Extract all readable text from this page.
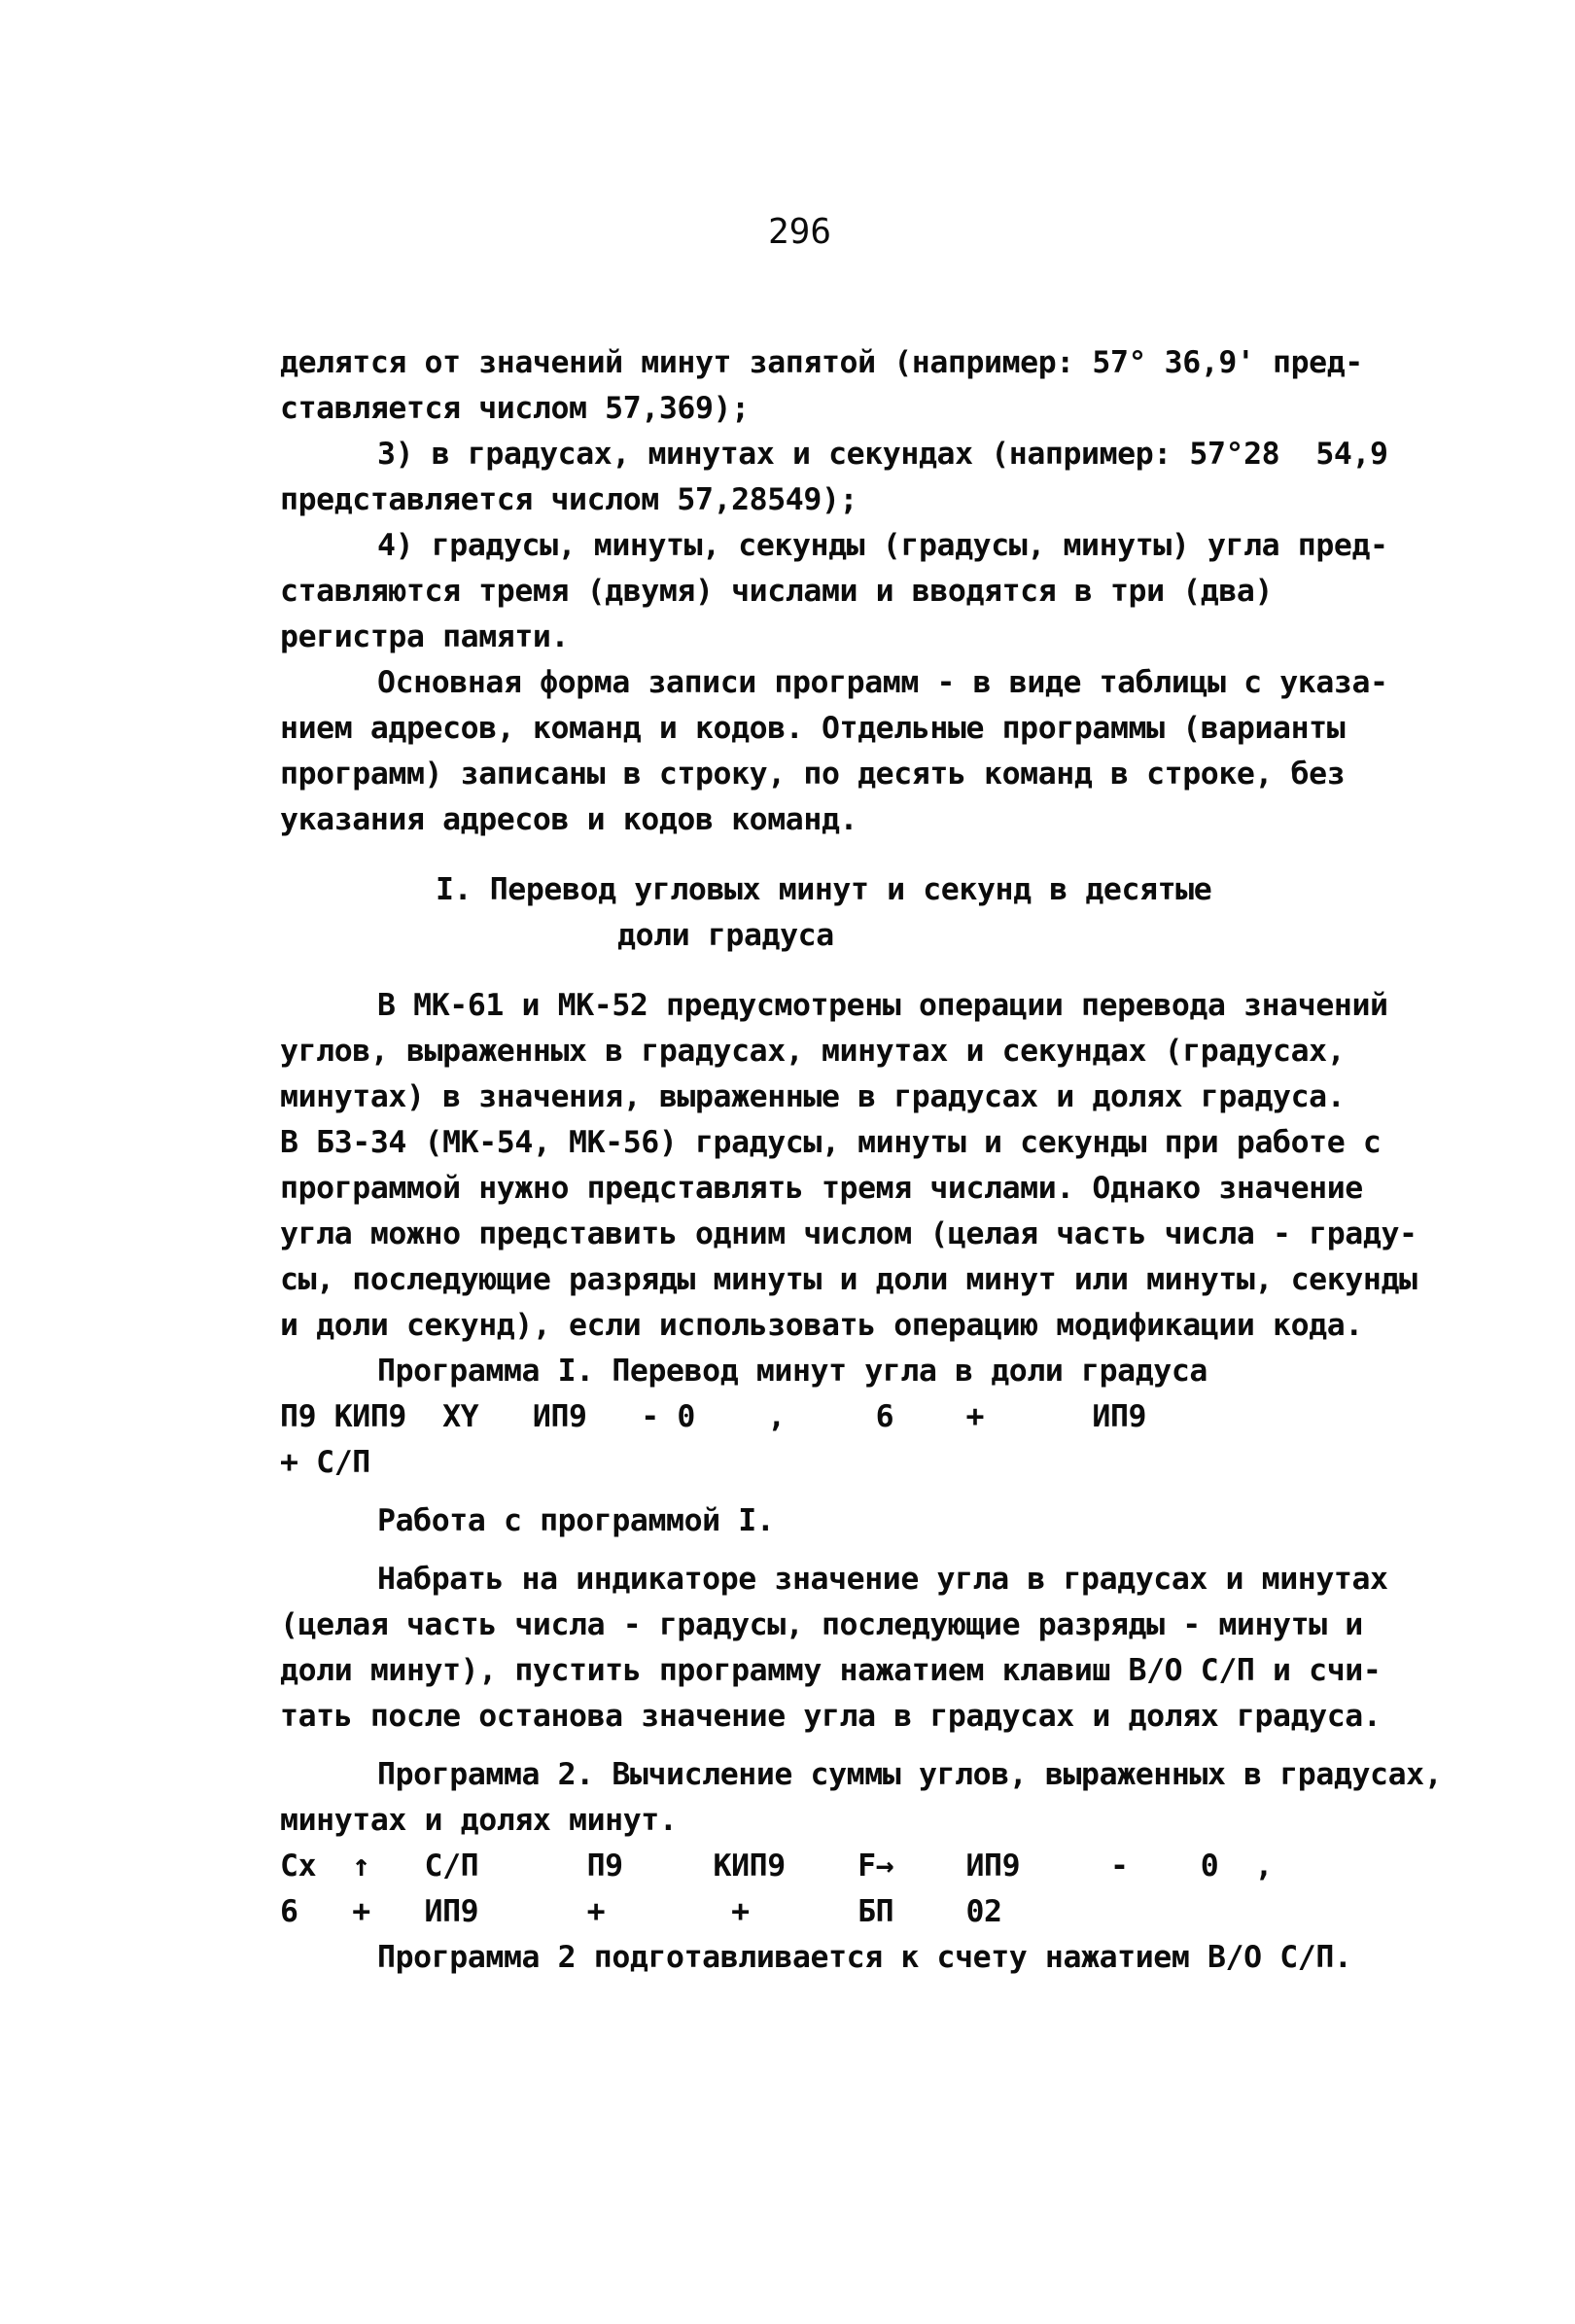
296
делятся от значений минут запятой (например: 57° 36,9' пред-
ставляется числом 57,369);
3) в градусах, минутах и секундах (например: 57°28  54,9
представляется числом 57,28549);
4) градусы, минуты, секунды (градусы, минуты) угла пред-
ставляются тремя (двумя) числами и вводятся в три (два)
регистра памяти.
Основная форма записи программ - в виде таблицы с указа-
нием адресов, команд и кодов. Отдельные программы (варианты
программ) записаны в строку, по десять команд в строке, без
указания адресов и кодов команд.
I. Перевод угловых минут и секунд в десятые
доли градуса
В МК-61 и МК-52 предусмотрены операции перевода значений
углов, выраженных в градусах, минутах и секундах (градусах,
минутах) в значения, выраженные в градусах и долях градуса.
В БЗ-34 (МК-54, МК-56) градусы, минуты и секунды при работе с
программой нужно представлять тремя числами. Однако значение
угла можно представить одним числом (целая часть числа - граду-
сы, последующие разряды минуты и доли минут или минуты, секунды
и доли секунд), если использовать операцию модификации кода.
Программа I. Перевод минут угла в доли градуса
П9 КИП9  XY   ИП9   - 0    ,     6    +      ИП9
+ С/П
Работа с программой I.
Набрать на индикаторе значение угла в градусах и минутах
(целая часть числа - градусы, последующие разряды - минуты и
доли минут), пустить программу нажатием клавиш В/О С/П и счи-
тать после останова значение угла в градусах и долях градуса.
Программа 2. Вычисление суммы углов, выраженных в градусах,
минутах и долях минут.
Сх  ↑   С/П      П9     КИП9    F→    ИП9     -    0  ,
6   +   ИП9      +       +      БП    02
Программа 2 подготавливается к счету нажатием В/О С/П.
